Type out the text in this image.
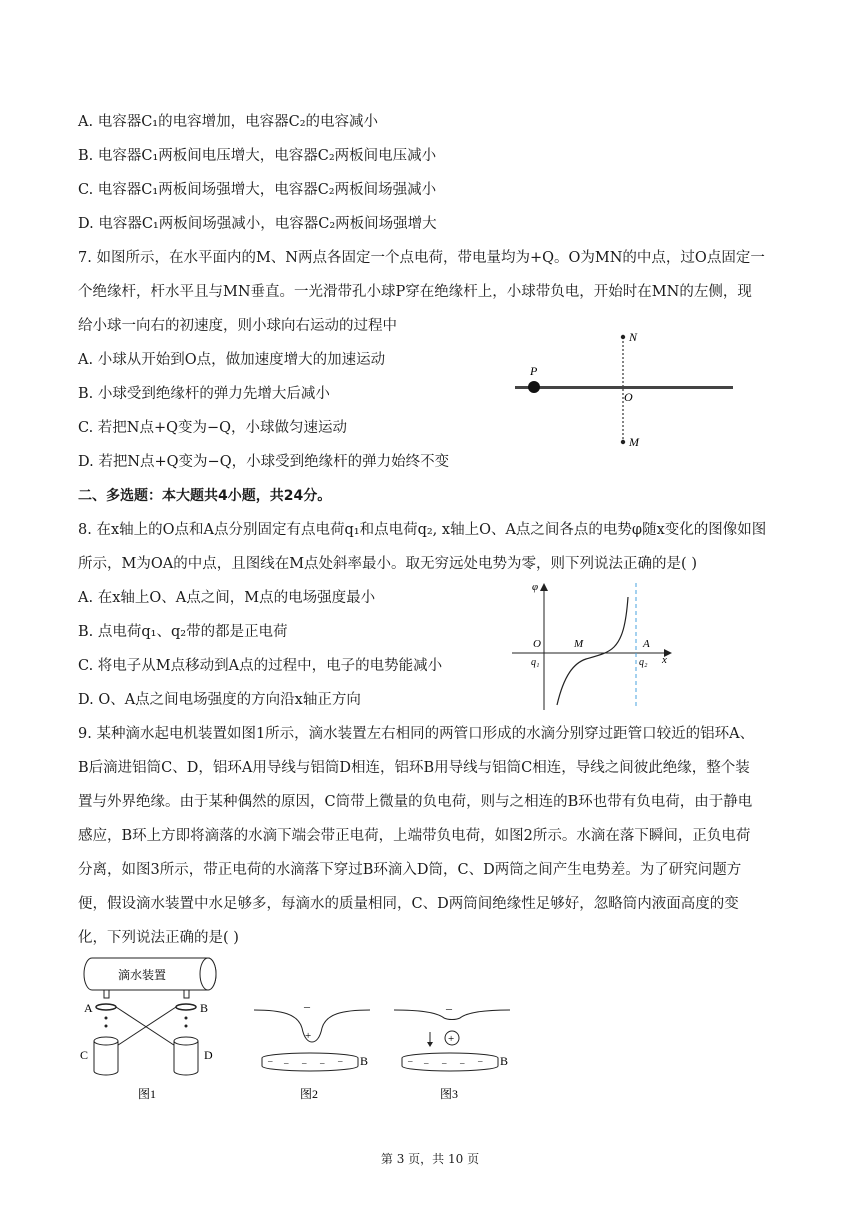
A. 电容器C₁的电容增加，电容器C₂的电容减小
B. 电容器C₁两板间电压增大，电容器C₂两板间电压减小
C. 电容器C₁两板间场强增大，电容器C₂两板间场强减小
D. 电容器C₁两板间场强减小，电容器C₂两板间场强增大
7. 如图所示，在水平面内的M、N两点各固定一个点电荷，带电量均为+Q。O为MN的中点，过O点固定一
个绝缘杆，杆水平且与MN垂直。一光滑带孔小球P穿在绝缘杆上，小球带负电，开始时在MN的左侧，现
给小球一向右的初速度，则小球向右运动的过程中
A. 小球从开始到O点，做加速度增大的加速运动
B. 小球受到绝缘杆的弹力先增大后减小
C. 若把N点+Q变为−Q，小球做匀速运动
D. 若把N点+Q变为−Q，小球受到绝缘杆的弹力始终不变
二、多选题：本大题共4小题，共24分。
8. 在x轴上的O点和A点分别固定有点电荷q₁和点电荷q₂, x轴上O、A点之间各点的电势φ随x变化的图像如图
所示，M为OA的中点，且图线在M点处斜率最小。取无穷远处电势为零，则下列说法正确的是( )
A. 在x轴上O、A点之间，M点的电场强度最小
B. 点电荷q₁、q₂带的都是正电荷
C. 将电子从M点移动到A点的过程中，电子的电势能减小
D. O、A点之间电场强度的方向沿x轴正方向
9. 某种滴水起电机装置如图1所示，滴水装置左右相同的两管口形成的水滴分别穿过距管口较近的铝环A、
B后滴进铝筒C、D，铝环A用导线与铝筒D相连，铝环B用导线与铝筒C相连，导线之间彼此绝缘，整个装
置与外界绝缘。由于某种偶然的原因，C筒带上微量的负电荷，则与之相连的B环也带有负电荷，由于静电
感应，B环上方即将滴落的水滴下端会带正电荷，上端带负电荷，如图2所示。水滴在落下瞬间，正负电荷
分离，如图3所示，带正电荷的水滴落下穿过B环滴入D筒，C、D两筒之间产生电势差。为了研究问题方
便，假设滴水装置中水足够多，每滴水的质量相同，C、D两筒间绝缘性足够好，忽略筒内液面高度的变
化，下列说法正确的是( )
N
P
O
M
φ
O	M	A
q₁	q₂ x
滴水装置
A	B
C	D
图1
–
+
– – – – – B
图2
–
+
– – – – – B
图3
第 3 页，共 10 页
